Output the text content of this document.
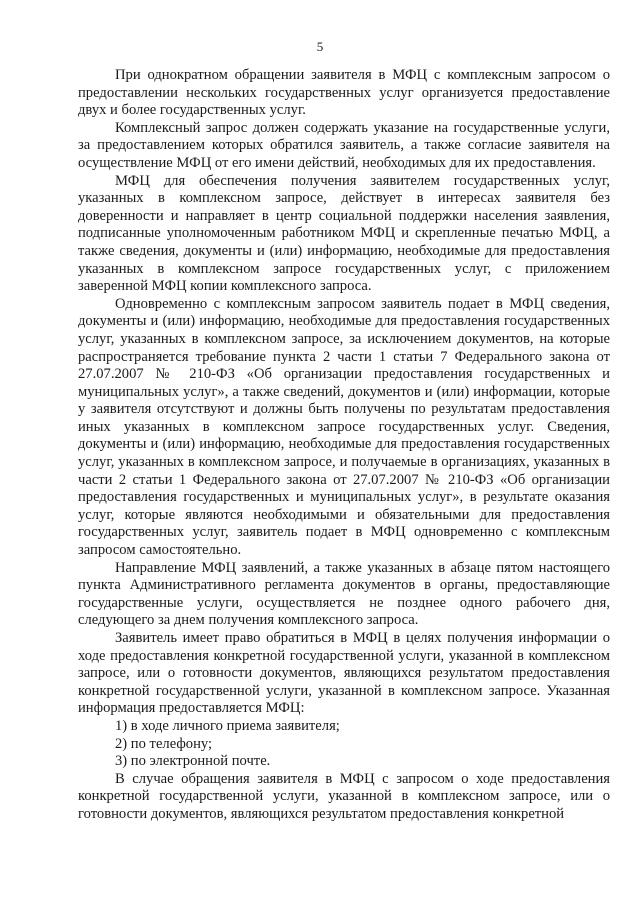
5

При однократном обращении заявителя в МФЦ с комплексным запросом о предоставлении нескольких государственных услуг организуется предоставление двух и более государственных услуг.

Комплексный запрос должен содержать указание на государственные услуги, за предоставлением которых обратился заявитель, а также согласие заявителя на осуществление МФЦ от его имени действий, необходимых для их предоставления.

МФЦ для обеспечения получения заявителем государственных услуг, указанных в комплексном запросе, действует в интересах заявителя без доверенности и направляет в центр социальной поддержки населения заявления, подписанные уполномоченным работником МФЦ и скрепленные печатью МФЦ, а также сведения, документы и (или) информацию, необходимые для предоставления указанных в комплексном запросе государственных услуг, с приложением заверенной МФЦ копии комплексного запроса.

Одновременно с комплексным запросом заявитель подает в МФЦ сведения, документы и (или) информацию, необходимые для предоставления государственных услуг, указанных в комплексном запросе, за исключением документов, на которые распространяется требование пункта 2 части 1 статьи 7 Федерального закона от 27.07.2007 № 210-ФЗ «Об организации предоставления государственных и муниципальных услуг», а также сведений, документов и (или) информации, которые у заявителя отсутствуют и должны быть получены по результатам предоставления иных указанных в комплексном запросе государственных услуг. Сведения, документы и (или) информацию, необходимые для предоставления государственных услуг, указанных в комплексном запросе, и получаемые в организациях, указанных в части 2 статьи 1 Федерального закона от 27.07.2007 № 210-ФЗ «Об организации предоставления государственных и муниципальных услуг», в результате оказания услуг, которые являются необходимыми и обязательными для предоставления государственных услуг, заявитель подает в МФЦ одновременно с комплексным запросом самостоятельно.

Направление МФЦ заявлений, а также указанных в абзаце пятом настоящего пункта Административного регламента документов в органы, предоставляющие государственные услуги, осуществляется не позднее одного рабочего дня, следующего за днем получения комплексного запроса.

Заявитель имеет право обратиться в МФЦ в целях получения информации о ходе предоставления конкретной государственной услуги, указанной в комплексном запросе, или о готовности документов, являющихся результатом предоставления конкретной государственной услуги, указанной в комплексном запросе. Указанная информация предоставляется МФЦ:

1) в ходе личного приема заявителя;

2) по телефону;

3) по электронной почте.

В случае обращения заявителя в МФЦ с запросом о ходе предоставления конкретной государственной услуги, указанной в комплексном запросе, или о готовности документов, являющихся результатом предоставления конкретной
